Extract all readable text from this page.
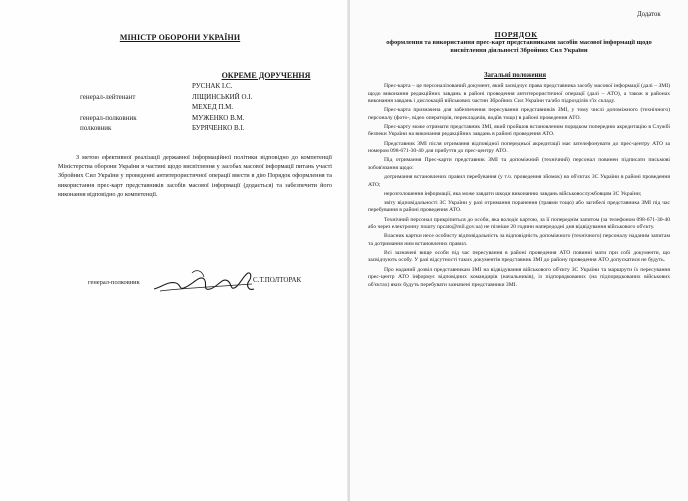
МІНІСТР ОБОРОНИ УКРАЇНИ
ОКРЕМЕ ДОРУЧЕННЯ
РУСНАК І.С.
генерал-лейтенант	ЛІЩИНСЬКИЙ О.І.
МЕХЕД П.М.
генерал-полковник	МУЖЕНКО В.М.
полковник	БУРЯЧЕНКО В.І.

З метою ефективної реалізації державної інформаційної політики відповідно до компетенції Міністерства оборони України в частині щодо висвітлення у засобах масової інформації питань участі Збройних Сил України у проведенні антитерористичної операції ввести в дію Порядок оформлення та використання прес-карт представників засобів масової інформації (додається) та забезпечити його виконання відповідно до компетенції.

генерал-полковник	С.Т.ПОЛТОРАК
Додаток
ПОРЯДОК
оформлення та використання прес-карт представниками засобів масової інформації щодо висвітлення діяльності Збройних Сил України
Загальні положення

Прес-карта – це персоналізований документ, який засвідчує права представника засобу масової інформації (далі – ЗМІ) щодо виконання редакційних завдань в районі проведення антитерористичної операції (далі – АТО), а також в районах виконання завдань і дислокацій військових частин Збройних Сил України та/або підрозділів з'їх складу.

Прес-карта призначена для забезпечення пересування представників ЗМІ, у тому числі допоміжного (технічного) персоналу (фото-, відео операторів, перекладачів, водіїв тощо) в районі проведення АТО.

Прес-карту може отримати представник ЗМІ, який пройшов встановленим порядком попередню акредитацію в Службі безпеки України на виконання редакційних завдань в районі проведення АТО.

Представник ЗМІ після отримання відповідної попередньої акредитації має зателефонувати до прес-центру АТО за номером 098-671-30-40 для прибуття до прес-центру АТО.

Під отримання Прес-карти представник ЗМІ та допоміжний (технічний) персонал повинен підписати письмові зобов'язання щодо:

дотримання встановлених правил перебування (у т.ч. проведення зйомок) на об'єктах ЗС України в районі проведення АТО;

нерозголошення інформації, яка може завдати шкоди виконанню завдань військовослужбовцям ЗС України;

звіту відповідальності ЗС України у разі отримання поранення (травми тощо) або загибелі представника ЗМІ під час перебування в районі проведення АТО.

Технічний персонал прикріпиться до особи, яка володіє картою, за її попереднім запитом (за телефоном 098-671-30-40 або через електронну пошту npcato@mil.gov.ua) не пізніше 20 години напередодні дня відвідування військового об'єкту.

Власник картки несе особисту відповідальність за відповідність допоміжного (технічного) персоналу наданим запитам та дотримання ним встановлених правил.

Всі зазначені вище особи під час пересування в районі проведення АТО повинні мати при собі документи, що засвідчують особу. У разі відсутності таких документів представник ЗМІ до району проведення АТО допускатися не будуть.

Про наданий дозвіл представникам ЗМІ на відвідування військового об'єкту ЗС України та маршрути їх пересування прес-центр АТО інформує відповідних командирів (начальників), із підпорядкованих (на підпорядкованих військових об'єктах) яких будуть перебувати зазначені представники ЗМІ.
